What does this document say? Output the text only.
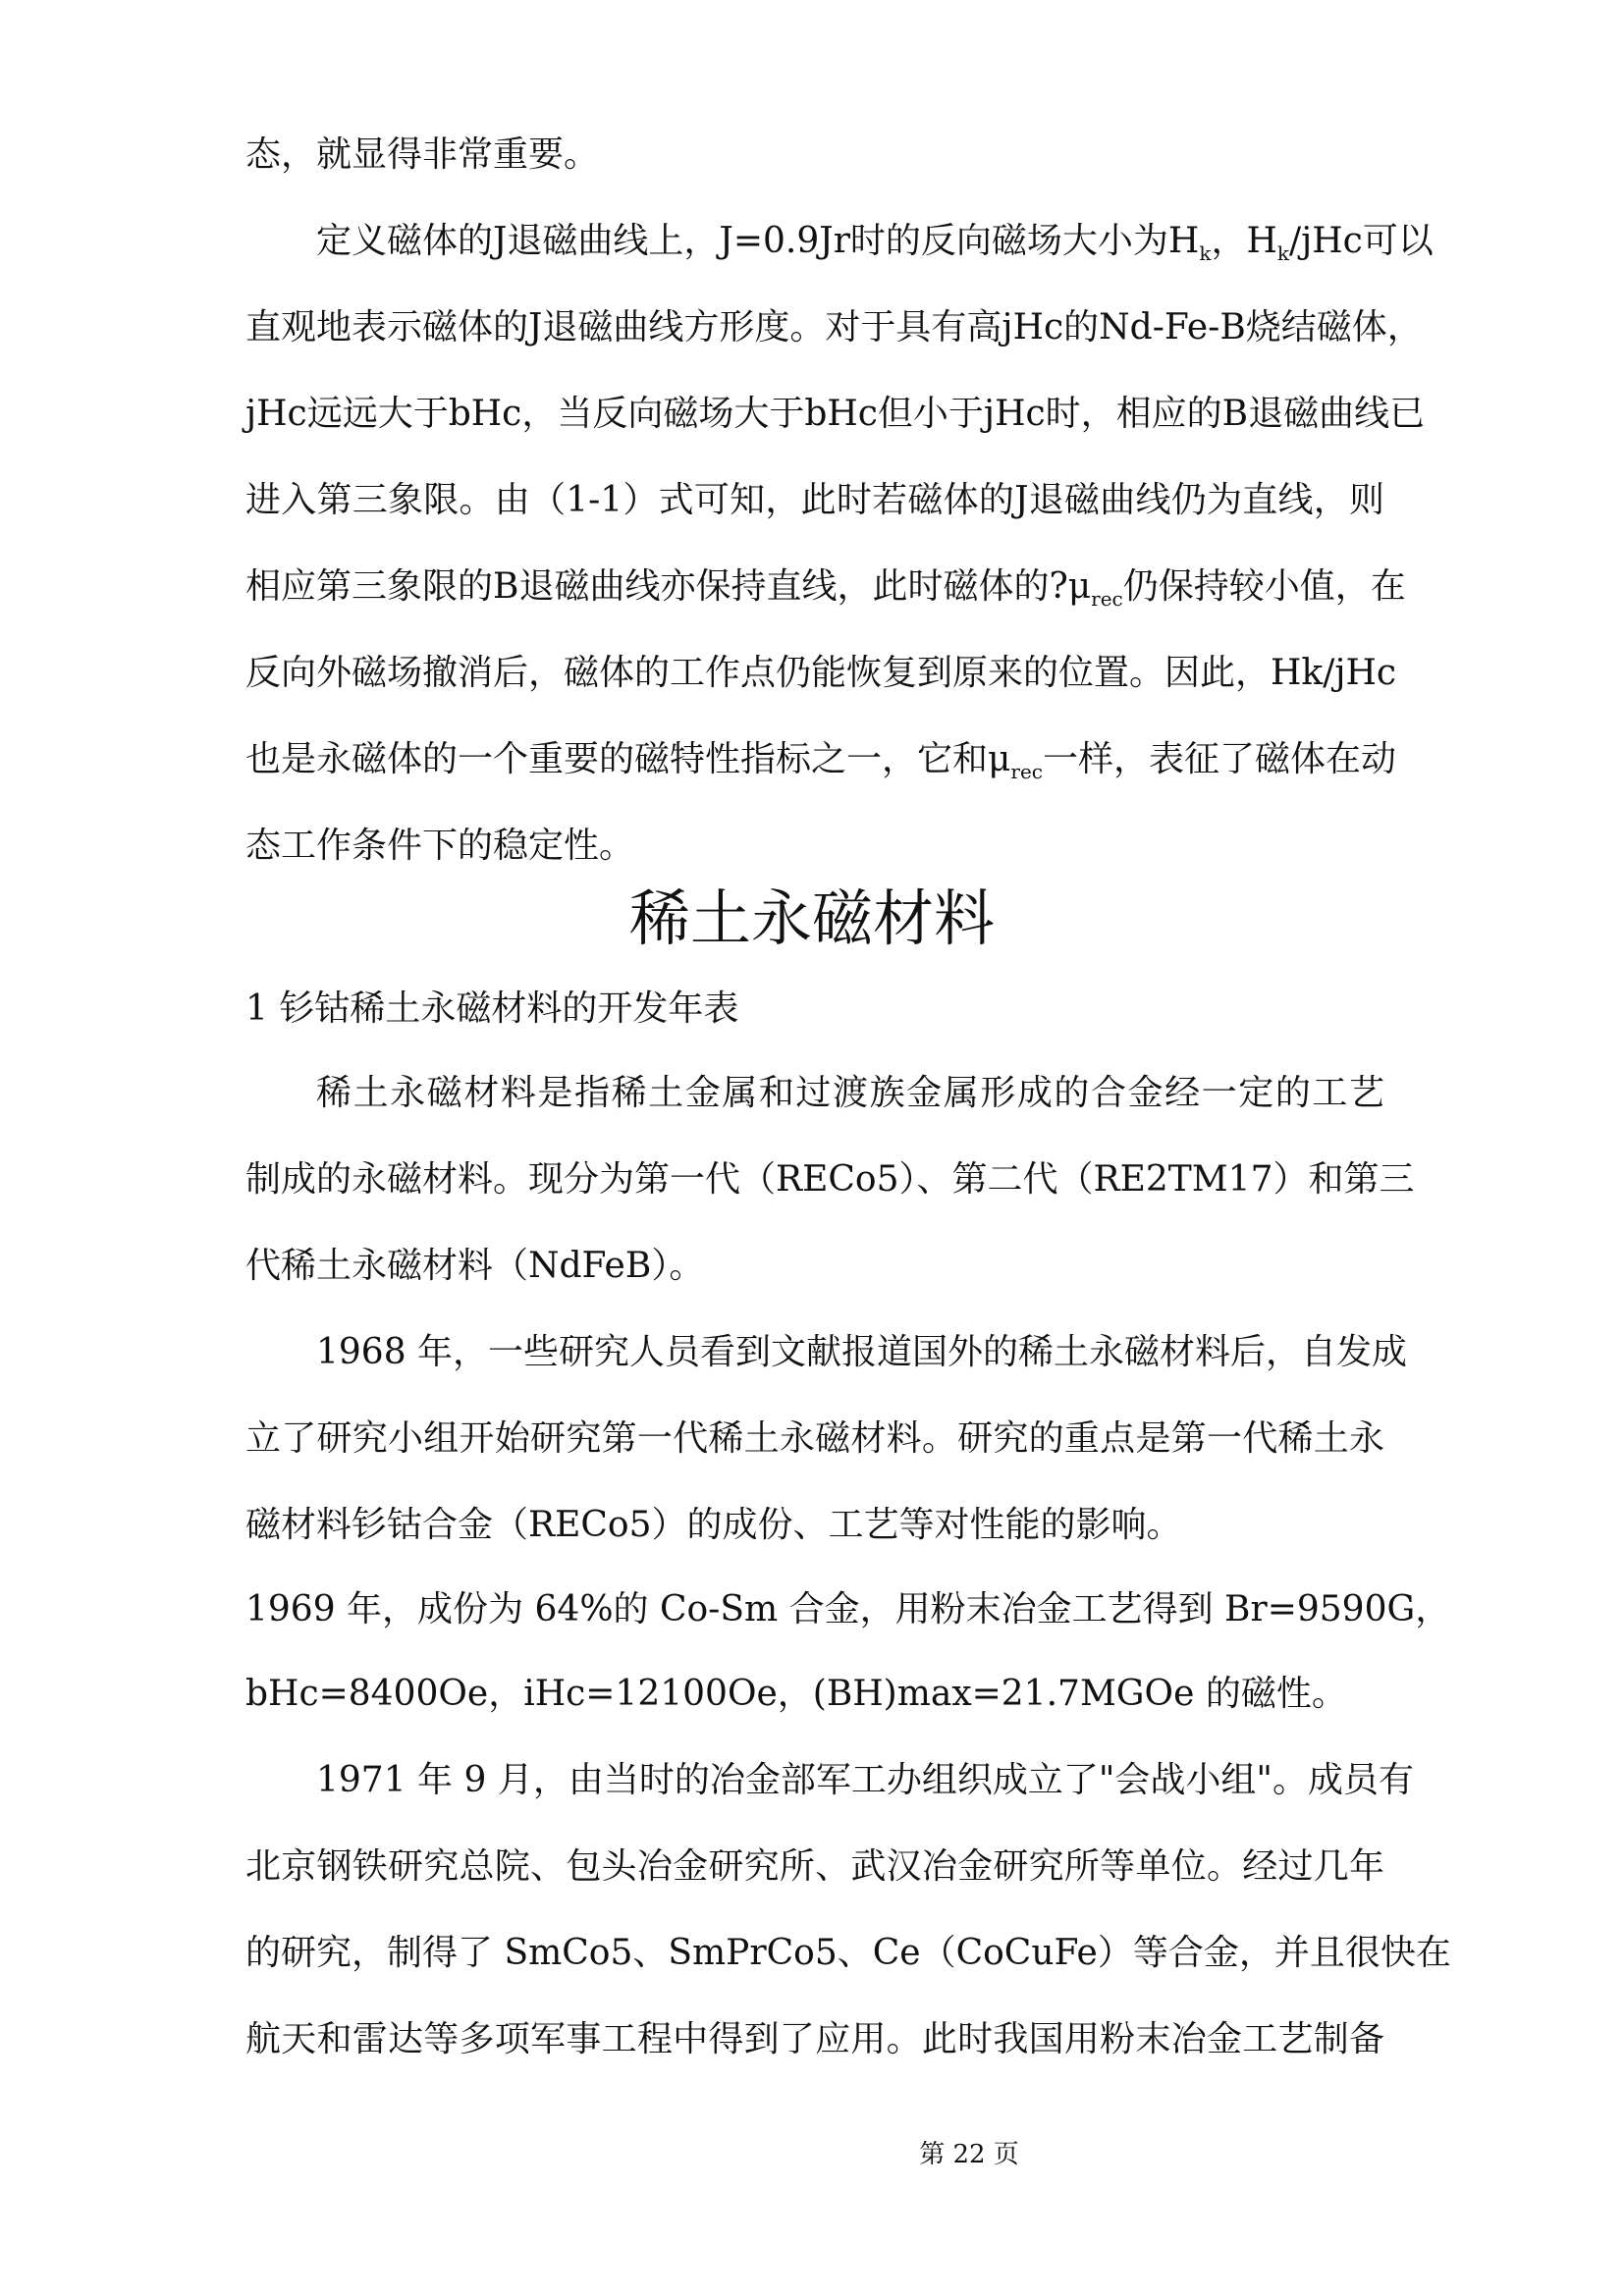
态，就显得非常重要。
定义磁体的J退磁曲线上，J=0.9Jr时的反向磁场大小为$H_k$，$H_k$/jHc可以
直观地表示磁体的J退磁曲线方形度。对于具有高jHc的Nd-Fe-B烧结磁体，
jHc远远大于bHc，当反向磁场大于bHc但小于jHc时，相应的B退磁曲线已
进入第三象限。由（1-1）式可知，此时若磁体的J退磁曲线仍为直线，则
相应第三象限的B退磁曲线亦保持直线，此时磁体的$?\mu_{rec}$仍保持较小值，在
反向外磁场撤消后，磁体的工作点仍能恢复到原来的位置。因此，Hk/jHc
也是永磁体的一个重要的磁特性指标之一，它和$\mu_{rec}$一样，表征了磁体在动
态工作条件下的稳定性。
稀土永磁材料
1 钐钴稀土永磁材料的开发年表
稀土永磁材料是指稀土金属和过渡族金属形成的合金经一定的工艺
制成的永磁材料。现分为第一代（RECo5）、第二代（RE2TM17）和第三
代稀土永磁材料（NdFeB）。
1968 年，一些研究人员看到文献报道国外的稀土永磁材料后，自发成
立了研究小组开始研究第一代稀土永磁材料。研究的重点是第一代稀土永
磁材料钐钴合金（RECo5）的成份、工艺等对性能的影响。
1969 年，成份为 64%的 Co-Sm 合金，用粉末冶金工艺得到 Br=9590G，
bHc=8400Oe，iHc=12100Oe，(BH)max=21.7MGOe 的磁性。
1971 年 9 月，由当时的冶金部军工办组织成立了"会战小组"。成员有
北京钢铁研究总院、包头冶金研究所、武汉冶金研究所等单位。经过几年
的研究，制得了 SmCo5、SmPrCo5、Ce（CoCuFe）等合金，并且很快在
航天和雷达等多项军事工程中得到了应用。此时我国用粉末冶金工艺制备
第 22 页
